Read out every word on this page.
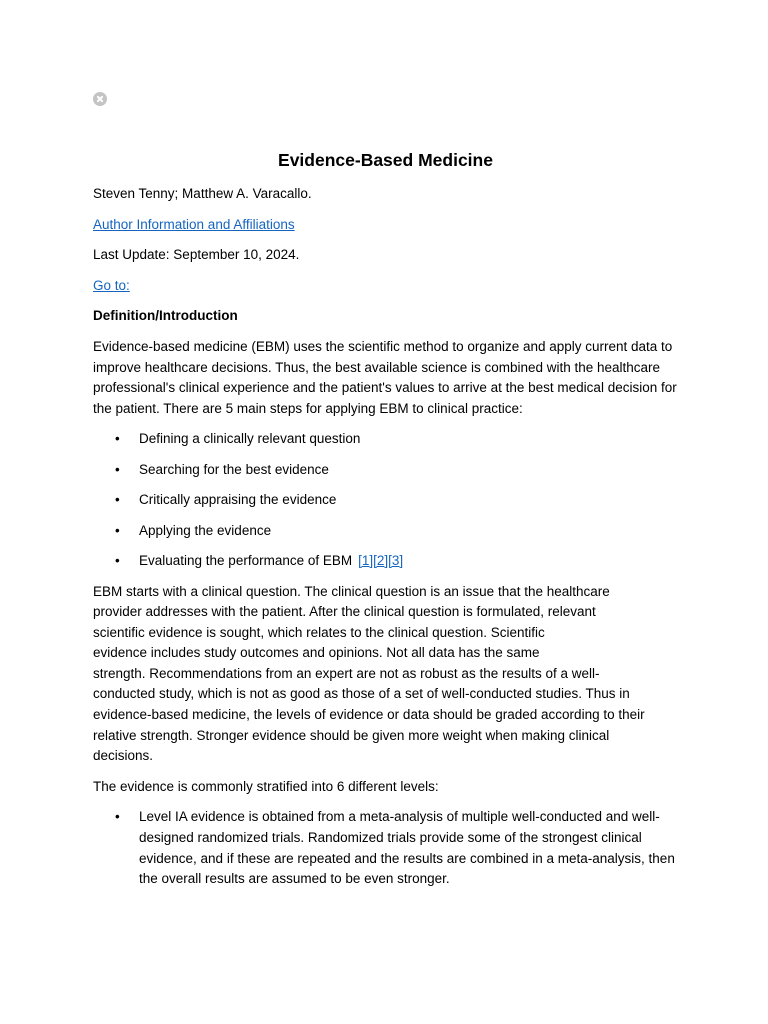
Evidence-Based Medicine
Steven Tenny; Matthew A. Varacallo.
Author Information and Affiliations
Last Update: September 10, 2024.
Go to:
Definition/Introduction

Evidence-based medicine (EBM) uses the scientific method to organize and apply current data to improve healthcare decisions. Thus, the best available science is combined with the healthcare professional's clinical experience and the patient's values to arrive at the best medical decision for the patient. There are 5 main steps for applying EBM to clinical practice:

• Defining a clinically relevant question
• Searching for the best evidence
• Critically appraising the evidence
• Applying the evidence
• Evaluating the performance of EBM [1][2][3]

EBM starts with a clinical question. The clinical question is an issue that the healthcare
provider addresses with the patient. After the clinical question is formulated, relevant
scientific evidence is sought, which relates to the clinical question. Scientific
evidence includes study outcomes and opinions. Not all data has the same
strength. Recommendations from an expert are not as robust as the results of a well-
conducted study, which is not as good as those of a set of well-conducted studies. Thus in
evidence-based medicine, the levels of evidence or data should be graded according to their
relative strength. Stronger evidence should be given more weight when making clinical
decisions.

The evidence is commonly stratified into 6 different levels:

• Level IA evidence is obtained from a meta-analysis of multiple well-conducted and well-designed randomized trials. Randomized trials provide some of the strongest clinical evidence, and if these are repeated and the results are combined in a meta-analysis, then the overall results are assumed to be even stronger.
